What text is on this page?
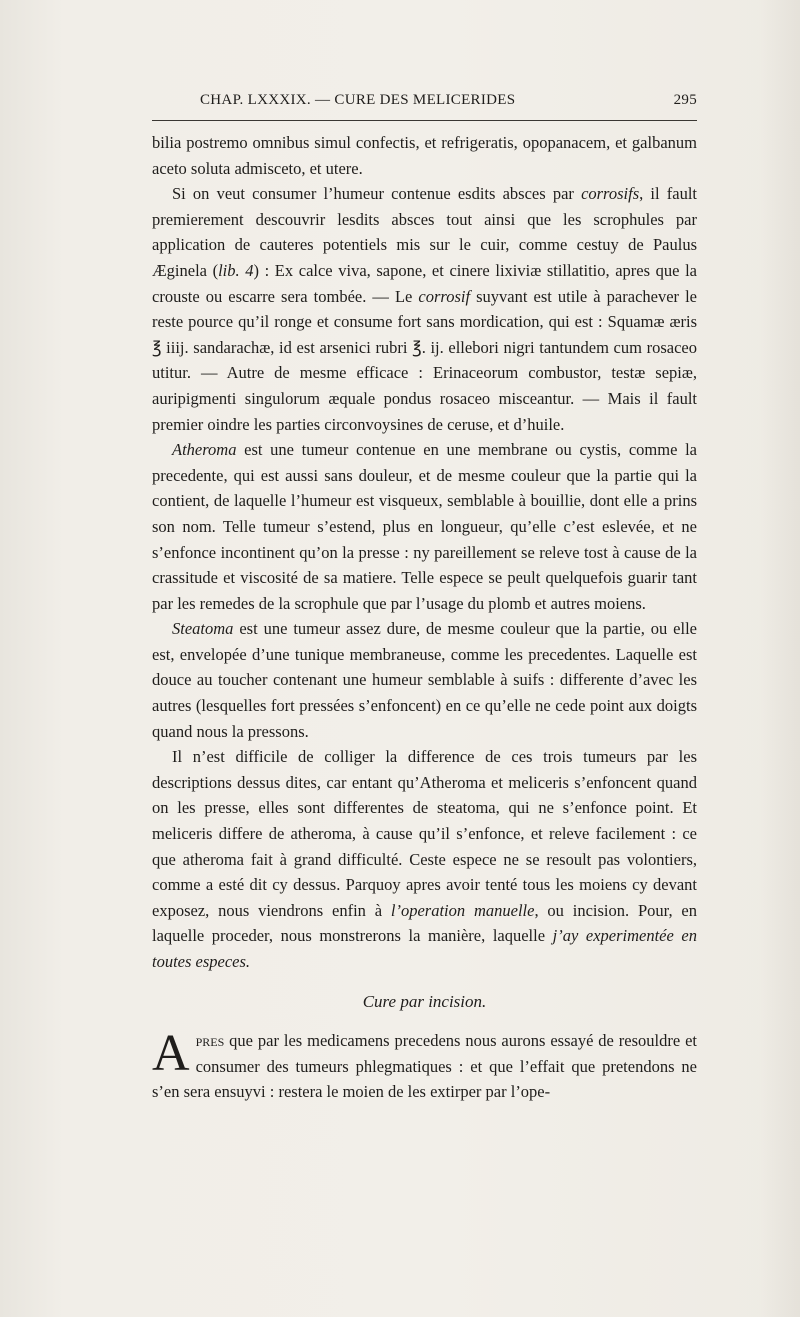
CHAP. LXXXIX. — CURE DES MELICERIDES	295

bilia postremo omnibus simul confectis, et refrigeratis, opopanacem, et galbanum aceto soluta admisceto, et utere.

Si on veut consumer l’humeur contenue esdits absces par corrosifs, il fault premierement descouvrir lesdits absces tout ainsi que les scrophules par application de cauteres potentiels mis sur le cuir, comme cestuy de Paulus Æginela (lib. 4) : Ex calce viva, sapone, et cinere lixiviæ stillatitio, apres que la crouste ou escarre sera tombée. — Le corrosif suyvant est utile à parachever le reste pource qu’il ronge et consume fort sans mordication, qui est : Squamæ æris ℥ iiij. sandarachæ, id est arsenici rubri ℥. ij. ellebori nigri tantundem cum rosaceo utitur. — Autre de mesme efficace : Erinaceorum combustor, testæ sepiæ, auripigmenti singulorum æquale pondus rosaceo misceantur. — Mais il fault premier oindre les parties circonvoysines de ceruse, et d’huile.

Atheroma est une tumeur contenue en une membrane ou cystis, comme la precedente, qui est aussi sans douleur, et de mesme couleur que la partie qui la contient, de laquelle l’humeur est visqueux, semblable à bouillie, dont elle a prins son nom. Telle tumeur s’estend, plus en longueur, qu’elle c’est eslevée, et ne s’enfonce incontinent qu’on la presse : ny pareillement se releve tost à cause de la crassitude et viscosité de sa matiere. Telle espece se peult quelquefois guarir tant par les remedes de la scrophule que par l’usage du plomb et autres moiens.

Steatoma est une tumeur assez dure, de mesme couleur que la partie, ou elle est, envelopée d’une tunique membraneuse, comme les precedentes. Laquelle est douce au toucher contenant une humeur semblable à suifs : differente d’avec les autres (lesquelles fort pressées s’enfoncent) en ce qu’elle ne cede point aux doigts quand nous la pressons.

Il n’est difficile de colliger la difference de ces trois tumeurs par les descriptions dessus dites, car entant qu’Atheroma et meliceris s’enfoncent quand on les presse, elles sont differentes de steatoma, qui ne s’enfonce point. Et meliceris differe de atheroma, à cause qu’il s’enfonce, et releve facilement : ce que atheroma fait à grand difficulté. Ceste espece ne se resoult pas volontiers, comme a esté dit cy dessus. Parquoy apres avoir tenté tous les moiens cy devant exposez, nous viendrons enfin à l’operation manuelle, ou incision. Pour, en laquelle proceder, nous monstrerons la manière, laquelle j’ay experimentée en toutes especes.

Cure par incision.

Apres que par les medicamens precedens nous aurons essayé de resouldre et consumer des tumeurs phlegmatiques : et que l’effait que pretendons ne s’en sera ensuyvi : restera le moien de les extirper par l’ope-
